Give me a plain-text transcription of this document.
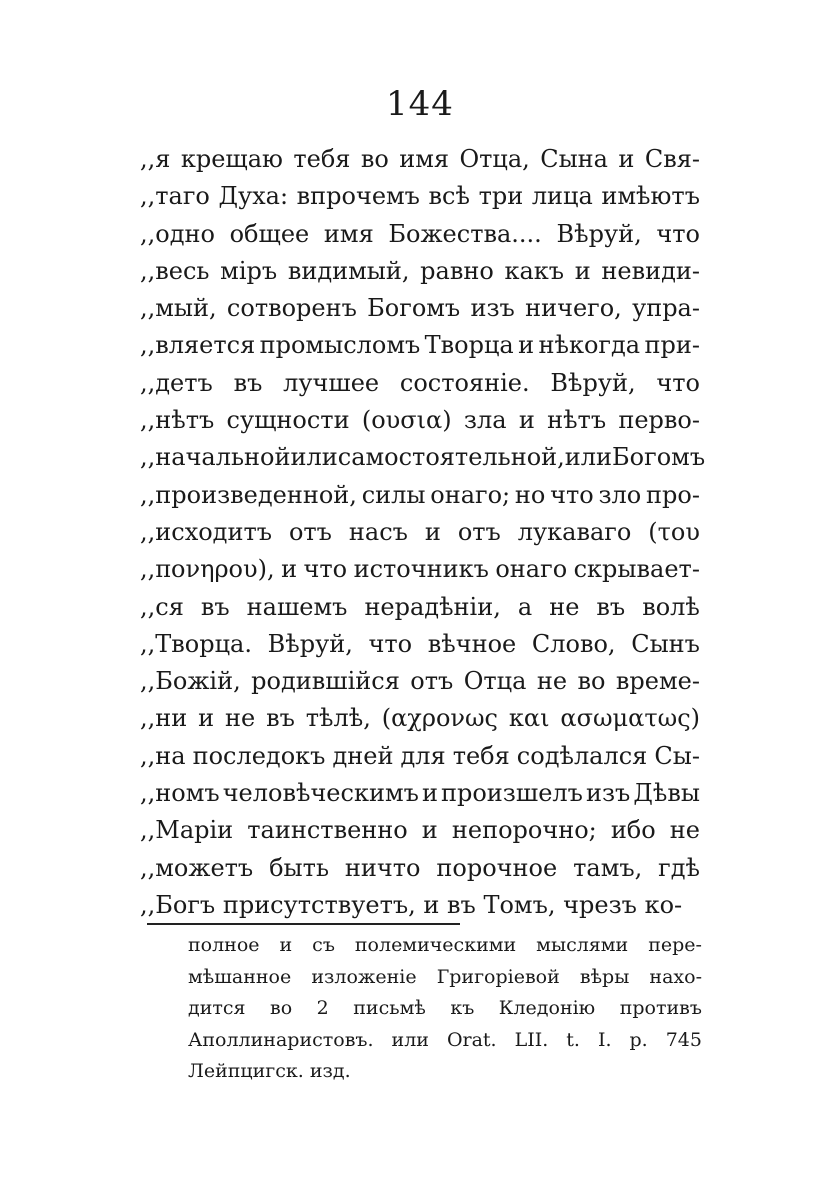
144
,,я крещаю тебя во имя Отца, Сына и Свя-
,,таго Духа: впрочемъ всѣ три лица имѣютъ
,,одно общее имя Божества.... Вѣруй, что
,,весь мiръ видимый, равно какъ и невиди-
,,мый, сотворенъ Богомъ изъ ничего, упра-
,,вляется промысломъ Творца и нѣкогда при-
,,детъ въ лучшее состоянiе. Вѣруй, что
,,нѣтъ сущности (ουσια) зла и нѣтъ перво-
,,начальной или самостоятельной, или Богомъ
,,произведенной, силы онаго; но что зло про-
,,исходитъ отъ насъ и отъ лукаваго (του
,,πονηρου), и что источникъ онаго скрывает-
,,ся въ нашемъ нерадѣнiи, а не въ волѣ
,,Творца. Вѣруй, что вѣчное Слово, Сынъ
,,Божiй, родившiйся отъ Отца не во време-
,,ни и не въ тѣлѣ, (αχρονως και ασωματως)
,,на последокъ дней для тебя содѣлался Сы-
,,номъ человѣческимъ и произшелъ изъ Дѣвы
,,Марiи таинственно и непорочно; ибо не
,,можетъ быть ничто порочное тамъ, гдѣ
,,Богъ
присутствуетъ,
и
въ
Томъ,
чрезъ
ко-

полное и съ полемическими мыслями пере-
мѣшанное изложенiе Григорiевой вѣры нахо-
дится во 2 письмѣ къ Кледонiю противъ
Аполлинаристовъ. или Orat. LII. t. I. p. 745
Лейпцигск.
изд.
